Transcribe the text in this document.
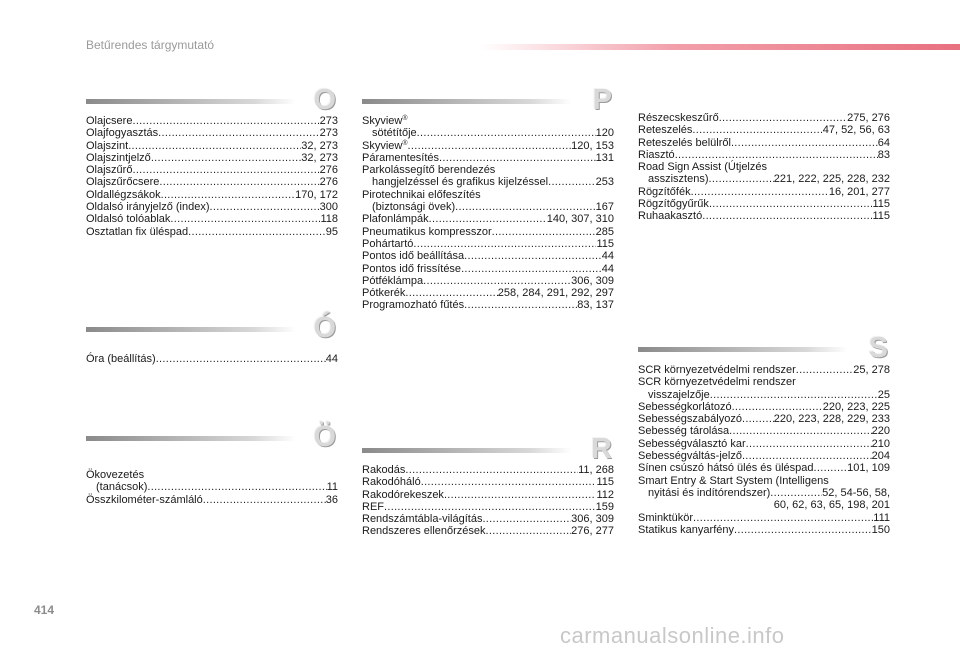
Betűrendes tárgymutató
O
Olajcsere .....	273
Olajfogyasztás .....	273
Olajszint .....	32, 273
Olajszintjelző .....	32, 273
Olajszűrő .....	276
Olajszűrőcsere .....	276
Oldallégzsákok .....	170, 172
Oldalsó irányjelző (index) .....	300
Oldalsó tolóablak .....	118
Osztatlan fix üléspad .....	95
Ó
Óra (beállítás) .....	44
Ö
Ökovezetés
(tanácsok) .....	11
Összkilométer-számláló .....	36
P
Skyview®
sötétítője .....	120
Skyview® .....	120, 153
Páramentesítés .....	131
Parkolássegítő berendezés
hangjelzéssel és grafikus kijelzéssel .....	253
Pirotechnikai előfeszítés
(biztonsági övek) .....	167
Plafonlámpák .....	140, 307, 310
Pneumatikus kompresszor .....	285
Pohártartó .....	115
Pontos idő beállítása .....	44
Pontos idő frissítése .....	44
Pótféklámpa .....	306, 309
Pótkerék .....	258, 284, 291, 292, 297
Programozható fűtés .....	83, 137
R
Rakodás .....	11, 268
Rakodóháló .....	115
Rakodórekeszek .....	112
REF .....	159
Rendszámtábla-világítás .....	306, 309
Rendszeres ellenőrzések .....	276, 277
Részecskeszűrő .....	275, 276
Reteszelés .....	47, 52, 56, 63
Reteszelés belülről .....	64
Riasztó .....	83
Road Sign Assist (Útjelzés
asszisztens) .....	221, 222, 225, 228, 232
Rögzítőfék .....	16, 201, 277
Rögzítőgyűrűk .....	115
Ruhaakasztó .....	115
S
SCR környezetvédelmi rendszer .....	25, 278
SCR környezetvédelmi rendszer
visszajelzője .....	25
Sebességkorlátozó .....	220, 223, 225
Sebességszabályozó .....	220, 223, 228, 229, 233
Sebesség tárolása .....	220
Sebességválasztó kar .....	210
Sebességváltás-jelző .....	204
Sínen csúszó hátsó ülés és üléspad .....	101, 109
Smart Entry & Start System (Intelligens
nyitási és indítórendszer) .....	52, 54-56, 58,
60, 62, 63, 65, 198, 201
Sminktükör .....	111
Statikus kanyarfény .....	150
414
carmanualsonline.info
